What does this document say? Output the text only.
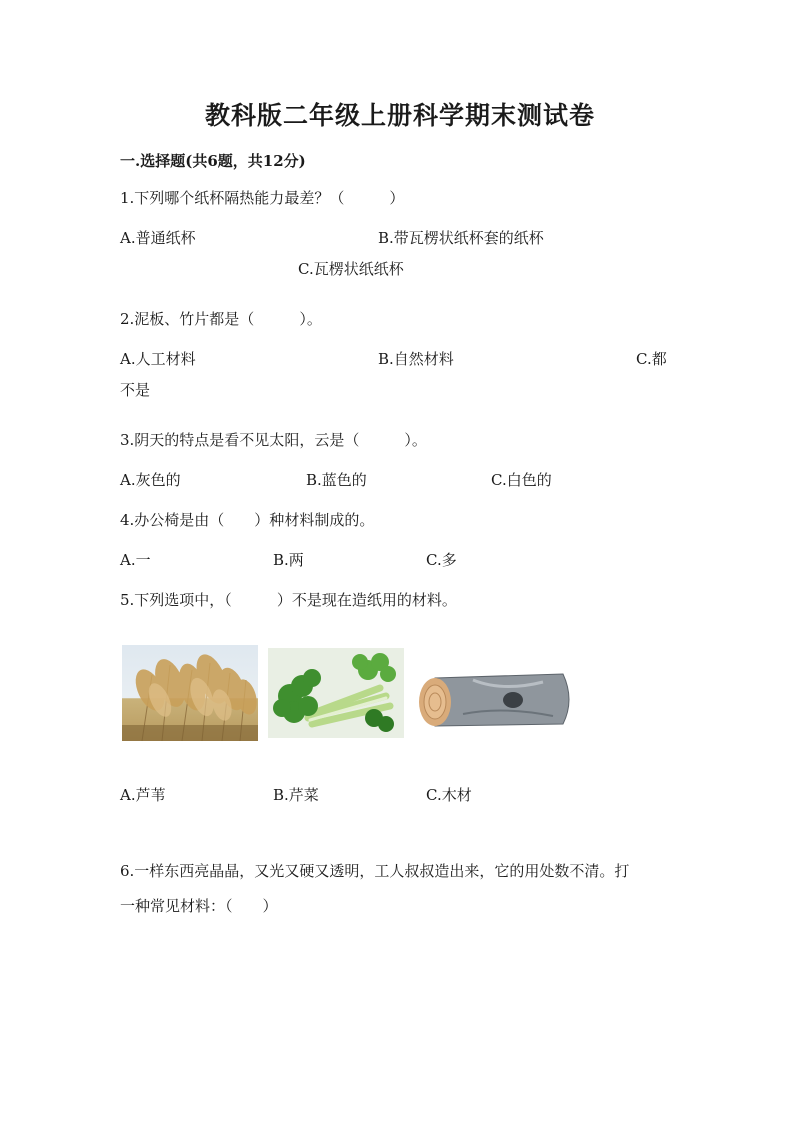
教科版二年级上册科学期末测试卷
一.选择题(共6题，共12分)
1.下列哪个纸杯隔热能力最差？（　　　）
A.普通纸杯	B.带瓦楞状纸杯套的纸杯
C.瓦楞状纸纸杯
2.泥板、竹片都是（　　　）。
A.人工材料	B.自然材料	C.都
不是
3.阴天的特点是看不见太阳，云是（　　　）。
A.灰色的	B.蓝色的	C.白色的
4.办公椅是由（　　）种材料制成的。
A.一	B.两	C.多
5.下列选项中，（　　　）不是现在造纸用的材料。
A.芦苇	B.芹菜	C.木材
6.一样东西亮晶晶，又光又硬又透明，工人叔叔造出来，它的用处数不清。打
一种常见材料：（　　）
